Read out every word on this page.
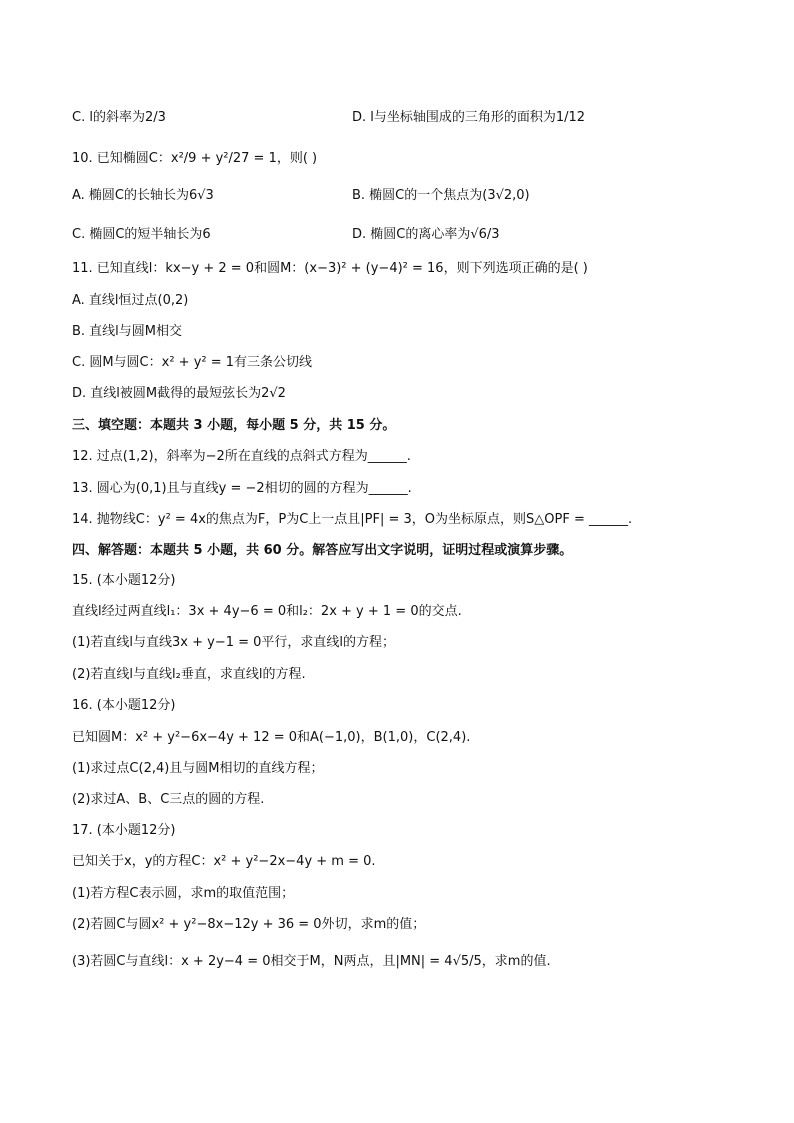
C. l的斜率为2/3	D. l与坐标轴围成的三角形的面积为1/12
10. 已知椭圆C：x²/9 + y²/27 = 1，则( )
A. 椭圆C的长轴长为6√3	B. 椭圆C的一个焦点为(3√2,0)
C. 椭圆C的短半轴长为6	D. 椭圆C的离心率为√6/3
11. 已知直线l：kx−y + 2 = 0和圆M：(x−3)² + (y−4)² = 16，则下列选项正确的是( )
A. 直线l恒过点(0,2)
B. 直线l与圆M相交
C. 圆M与圆C：x² + y² = 1有三条公切线
D. 直线l被圆M截得的最短弦长为2√2
三、填空题：本题共 3 小题，每小题 5 分，共 15 分。
12. 过点(1,2)，斜率为−2所在直线的点斜式方程为______.
13. 圆心为(0,1)且与直线y = −2相切的圆的方程为______.
14. 抛物线C：y² = 4x的焦点为F，P为C上一点且|PF| = 3，O为坐标原点，则S△OPF = ______.
四、解答题：本题共 5 小题，共 60 分。解答应写出文字说明，证明过程或演算步骤。
15. (本小题12分)
直线l经过两直线l₁：3x + 4y−6 = 0和l₂：2x + y + 1 = 0的交点.
(1)若直线l与直线3x + y−1 = 0平行，求直线l的方程；
(2)若直线l与直线l₂垂直，求直线l的方程.
16. (本小题12分)
已知圆M：x² + y²−6x−4y + 12 = 0和A(−1,0)，B(1,0)，C(2,4).
(1)求过点C(2,4)且与圆M相切的直线方程；
(2)求过A、B、C三点的圆的方程.
17. (本小题12分)
已知关于x，y的方程C：x² + y²−2x−4y + m = 0.
(1)若方程C表示圆，求m的取值范围；
(2)若圆C与圆x² + y²−8x−12y + 36 = 0外切，求m的值；
(3)若圆C与直线l：x + 2y−4 = 0相交于M，N两点，且|MN| = 4√5/5，求m的值.
